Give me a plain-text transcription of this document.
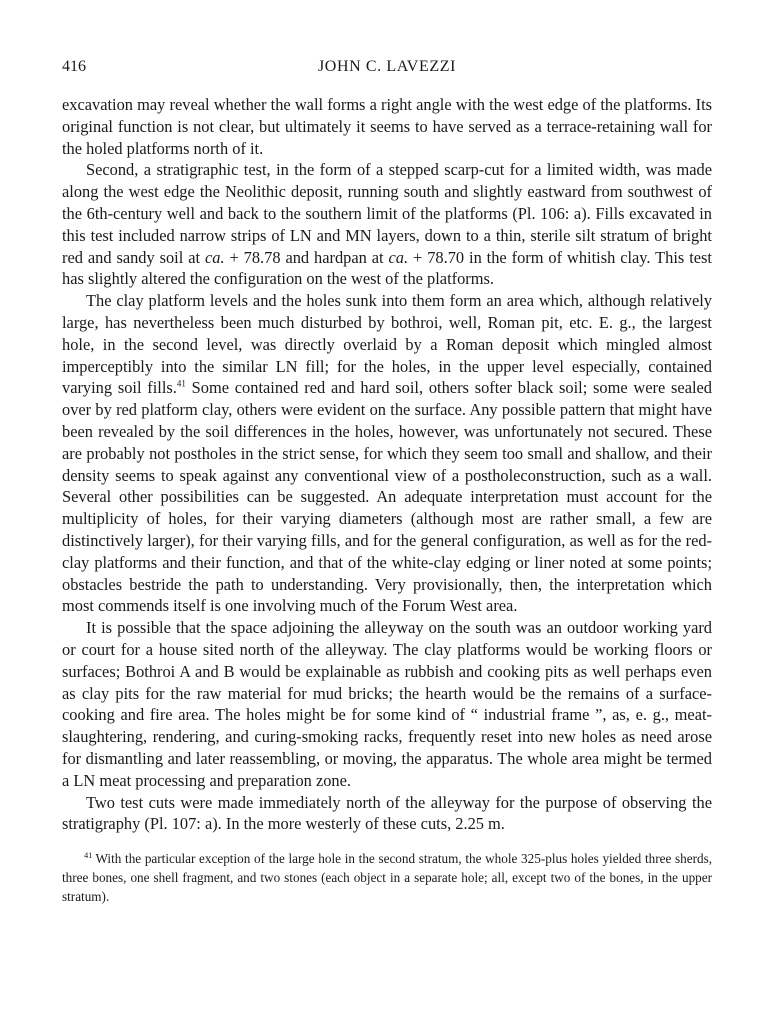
416	JOHN C. LAVEZZI

excavation may reveal whether the wall forms a right angle with the west edge of the platforms. Its original function is not clear, but ultimately it seems to have served as a terrace-retaining wall for the holed platforms north of it.

Second, a stratigraphic test, in the form of a stepped scarp-cut for a limited width, was made along the west edge the Neolithic deposit, running south and slightly eastward from southwest of the 6th-century well and back to the southern limit of the platforms (Pl. 106: a). Fills excavated in this test included narrow strips of LN and MN layers, down to a thin, sterile silt stratum of bright red and sandy soil at ca. + 78.78 and hardpan at ca. + 78.70 in the form of whitish clay. This test has slightly altered the configuration on the west of the platforms.

The clay platform levels and the holes sunk into them form an area which, although relatively large, has nevertheless been much disturbed by bothroi, well, Roman pit, etc. E. g., the largest hole, in the second level, was directly overlaid by a Roman deposit which mingled almost imperceptibly into the similar LN fill; for the holes, in the upper level especially, contained varying soil fills.$^{41}$ Some contained red and hard soil, others softer black soil; some were sealed over by red platform clay, others were evident on the surface. Any possible pattern that might have been revealed by the soil differences in the holes, however, was unfortunately not secured. These are probably not postholes in the strict sense, for which they seem too small and shallow, and their density seems to speak against any conventional view of a postholeconstruction, such as a wall. Several other possibilities can be suggested. An adequate interpretation must account for the multiplicity of holes, for their varying diameters (although most are rather small, a few are distinctively larger), for their varying fills, and for the general configuration, as well as for the red-clay platforms and their function, and that of the white-clay edging or liner noted at some points; obstacles bestride the path to understanding. Very provisionally, then, the interpretation which most commends itself is one involving much of the Forum West area.

It is possible that the space adjoining the alleyway on the south was an outdoor working yard or court for a house sited north of the alleyway. The clay platforms would be working floors or surfaces; Bothroi A and B would be explainable as rubbish and cooking pits as well perhaps even as clay pits for the raw material for mud bricks; the hearth would be the remains of a surface-cooking and fire area. The holes might be for some kind of “ industrial frame ”, as, e. g., meat-slaughtering, rendering, and curing-smoking racks, frequently reset into new holes as need arose for dismantling and later reassembling, or moving, the apparatus. The whole area might be termed a LN meat processing and preparation zone.

Two test cuts were made immediately north of the alleyway for the purpose of observing the stratigraphy (Pl. 107: a). In the more westerly of these cuts, 2.25 m.

$^{41}$ With the particular exception of the large hole in the second stratum, the whole 325-plus holes yielded three sherds, three bones, one shell fragment, and two stones (each object in a separate hole; all, except two of the bones, in the upper stratum).
